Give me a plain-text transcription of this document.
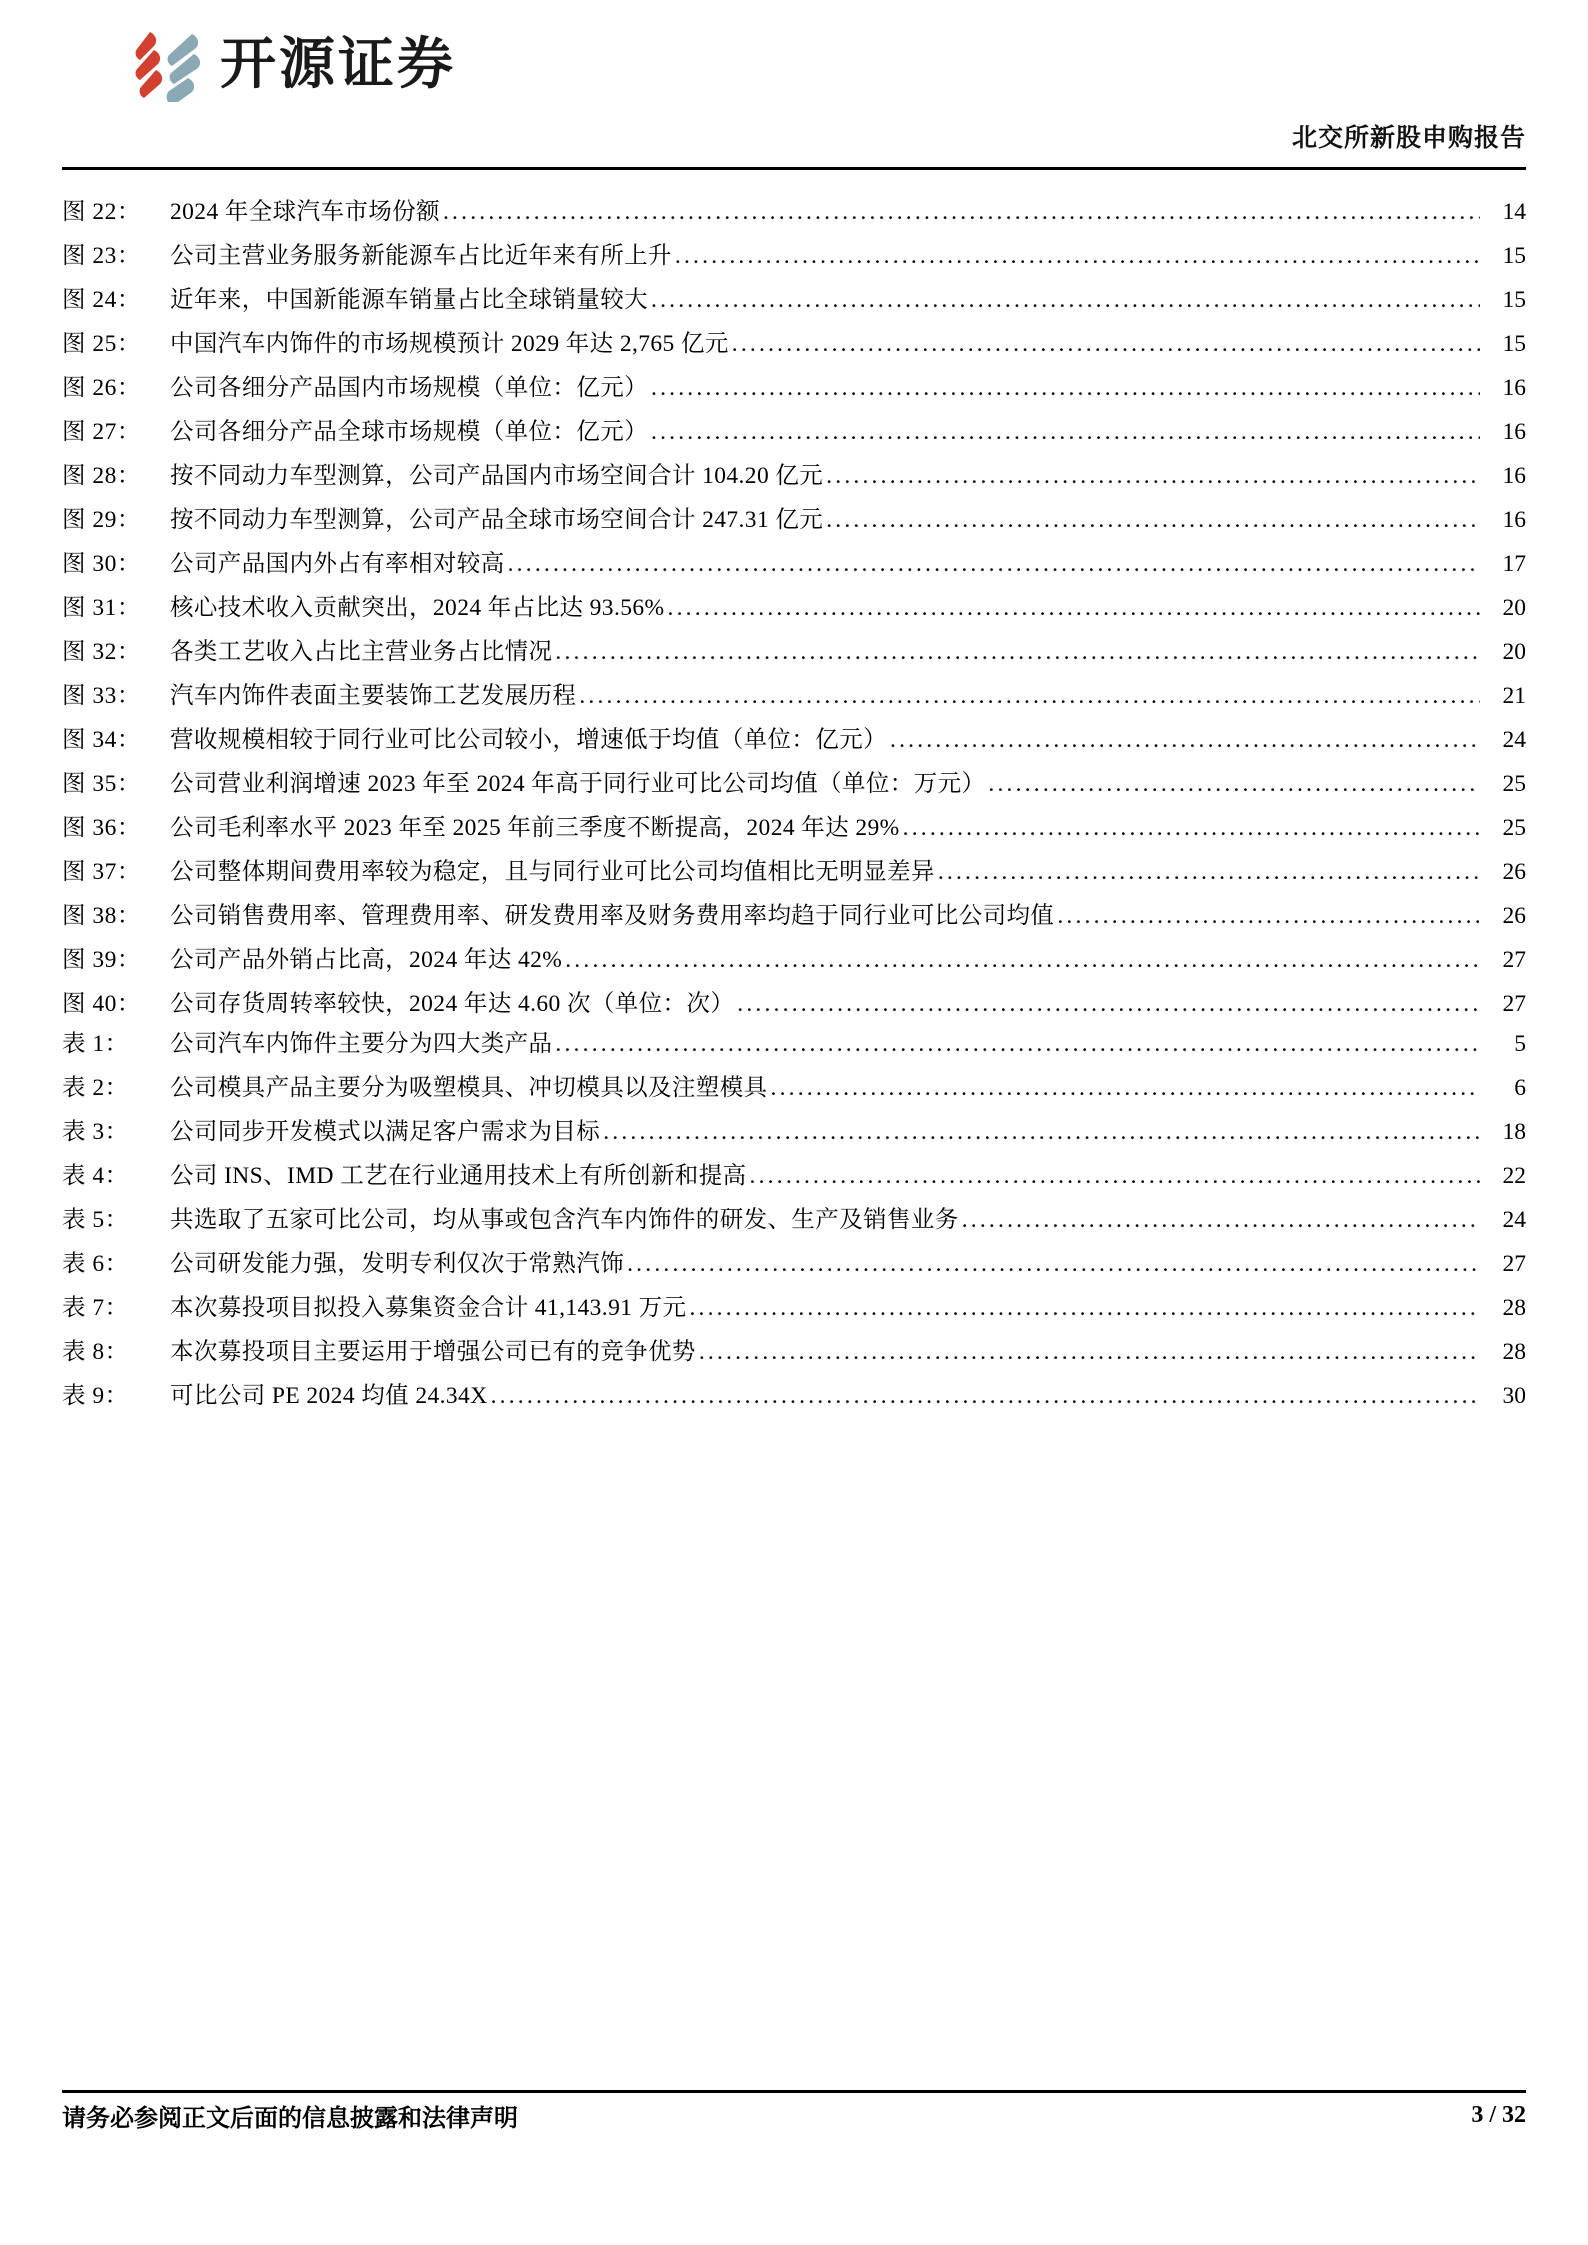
开源证券
北交所新股申购报告
图 22：	2024 年全球汽车市场份额 .....	14
图 23：	公司主营业务服务新能源车占比近年来有所上升 .....	15
图 24：	近年来，中国新能源车销量占比全球销量较大 .....	15
图 25：	中国汽车内饰件的市场规模预计 2029 年达 2,765 亿元 .....	15
图 26：	公司各细分产品国内市场规模（单位：亿元） .....	16
图 27：	公司各细分产品全球市场规模（单位：亿元） .....	16
图 28：	按不同动力车型测算，公司产品国内市场空间合计 104.20 亿元 .....	16
图 29：	按不同动力车型测算，公司产品全球市场空间合计 247.31 亿元 .....	16
图 30：	公司产品国内外占有率相对较高 .....	17
图 31：	核心技术收入贡献突出，2024 年占比达 93.56% .....	20
图 32：	各类工艺收入占比主营业务占比情况 .....	20
图 33：	汽车内饰件表面主要装饰工艺发展历程 .....	21
图 34：	营收规模相较于同行业可比公司较小，增速低于均值（单位：亿元） .....	24
图 35：	公司营业利润增速 2023 年至 2024 年高于同行业可比公司均值（单位：万元） .....	25
图 36：	公司毛利率水平 2023 年至 2025 年前三季度不断提高，2024 年达 29% .....	25
图 37：	公司整体期间费用率较为稳定，且与同行业可比公司均值相比无明显差异 .....	26
图 38：	公司销售费用率、管理费用率、研发费用率及财务费用率均趋于同行业可比公司均值 .....	26
图 39：	公司产品外销占比高，2024 年达 42% .....	27
图 40：	公司存货周转率较快，2024 年达 4.60 次（单位：次） .....	27
表 1：	公司汽车内饰件主要分为四大类产品 .....	5
表 2：	公司模具产品主要分为吸塑模具、冲切模具以及注塑模具 .....	6
表 3：	公司同步开发模式以满足客户需求为目标 .....	18
表 4：	公司 INS、IMD 工艺在行业通用技术上有所创新和提高 .....	22
表 5：	共选取了五家可比公司，均从事或包含汽车内饰件的研发、生产及销售业务 .....	24
表 6：	公司研发能力强，发明专利仅次于常熟汽饰 .....	27
表 7：	本次募投项目拟投入募集资金合计 41,143.91 万元 .....	28
表 8：	本次募投项目主要运用于增强公司已有的竞争优势 .....	28
表 9：	可比公司 PE 2024 均值 24.34X .....	30
请务必参阅正文后面的信息披露和法律声明	3 / 32
